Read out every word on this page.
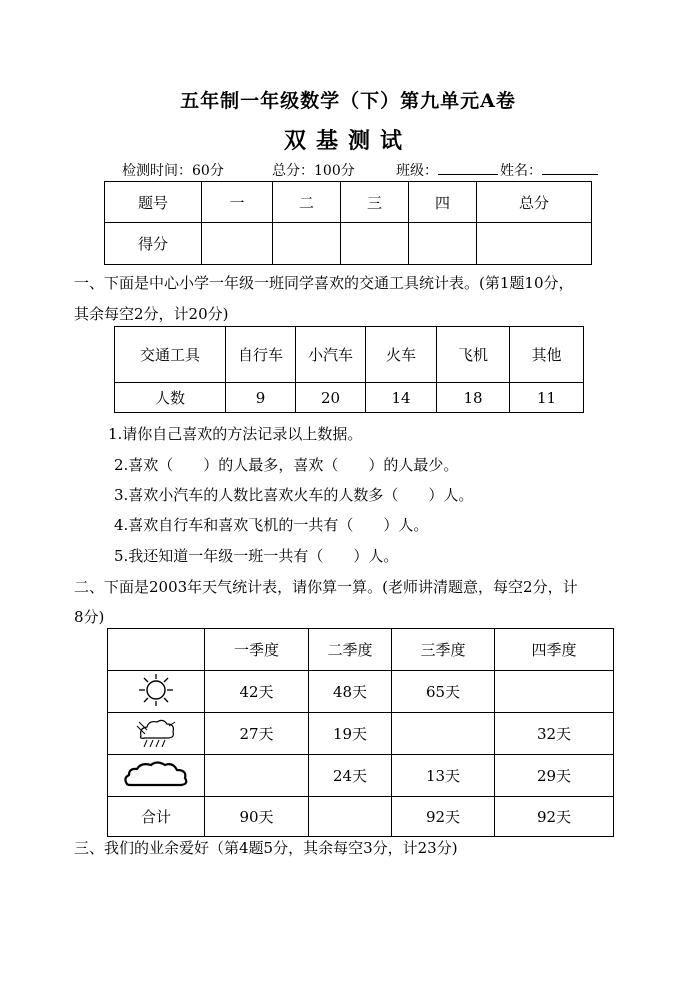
五年制一年级数学（下）第九单元A卷
双基测试
检测时间：60分	总分：100分	班级：	姓名：
题号	一	二	三	四	总分
得分					
一、下面是中心小学一年级一班同学喜欢的交通工具统计表。(第1题10分，
其余每空2分，计20分)
交通工具	自行车	小汽车	火车	飞机	其他
人数	9	20	14	18	11
1.请你自己喜欢的方法记录以上数据。
2.喜欢（　　）的人最多，喜欢（　　）的人最少。
3.喜欢小汽车的人数比喜欢火车的人数多（　　）人。
4.喜欢自行车和喜欢飞机的一共有（　　）人。
5.我还知道一年级一班一共有（　　）人。
二、下面是2003年天气统计表，请你算一算。(老师讲清题意，每空2分，计
8分)
	一季度	二季度	三季度	四季度
	42天	48天	65天	
	27天	19天		32天
		24天	13天	29天
合计	90天		92天	92天
三、我们的业余爱好（第4题5分，其余每空3分，计23分)
